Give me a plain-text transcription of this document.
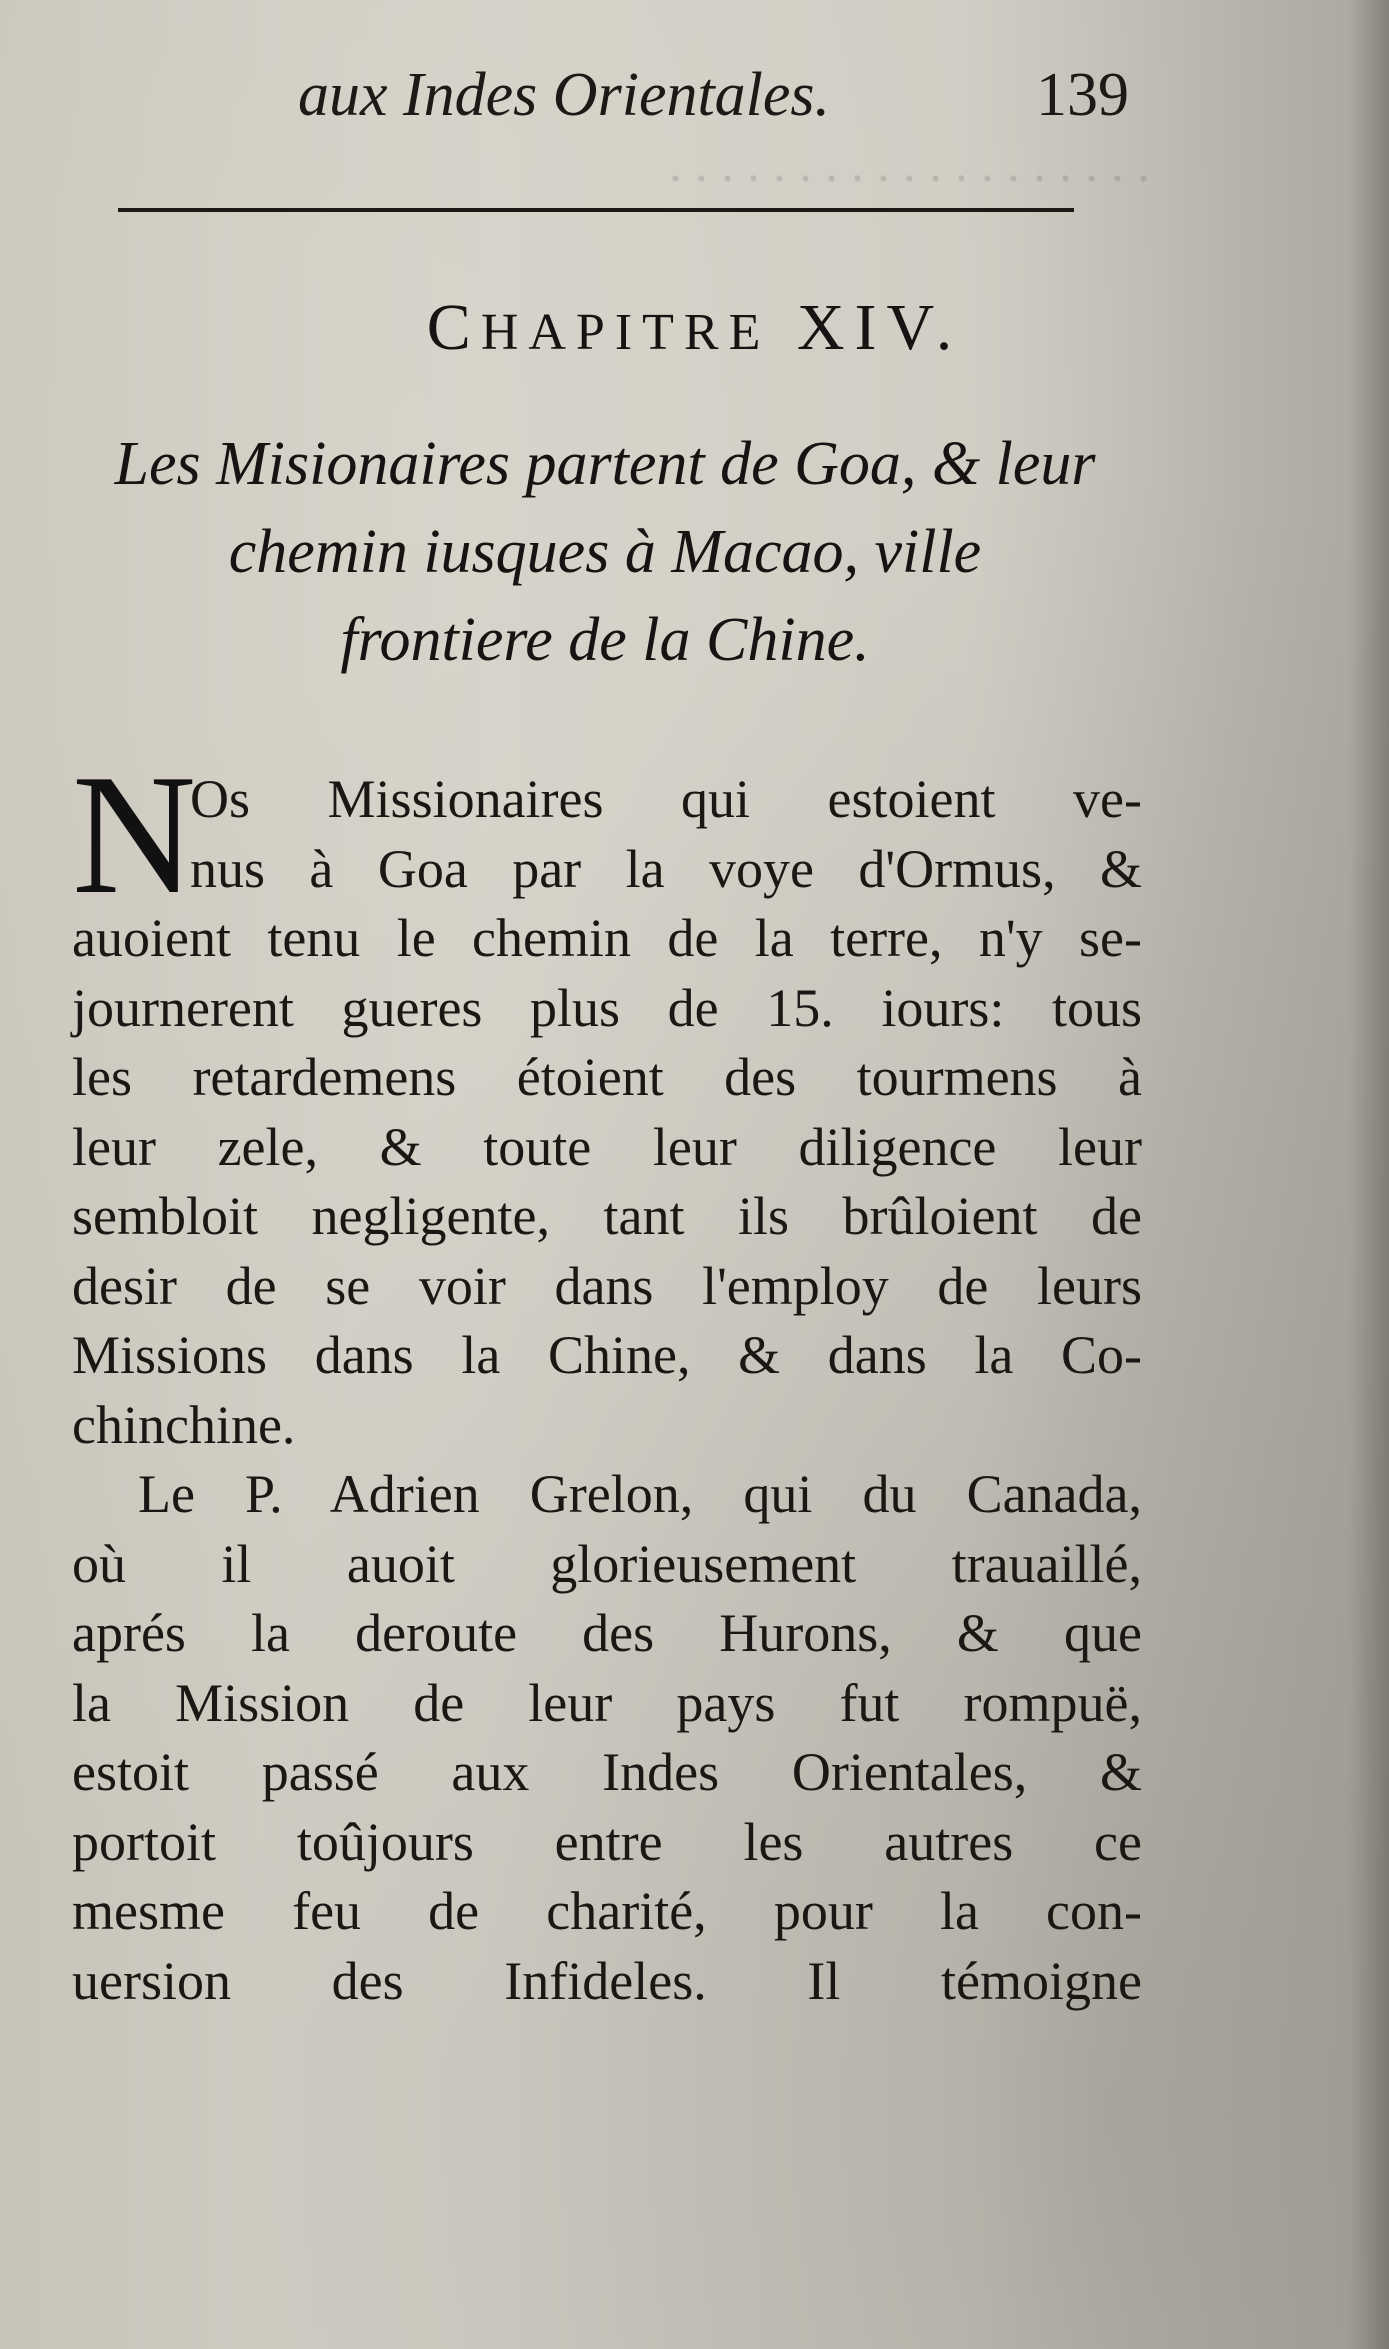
. . . . . . . . . . . . . . . . . . .
aux Indes Orientales.	139
CHAPITRE XIV.
Les Misionaires partent de Goa, & leur
chemin iusques à Macao, ville
frontiere de la Chine.
N
Os Missionaires qui estoient ve-
nus à Goa par la voye d'Ormus, &
auoient tenu le chemin de la terre, n'y se-
journerent gueres plus de 15. iours: tous
les retardemens étoient des tourmens à
leur zele, & toute leur diligence leur
sembloit negligente, tant ils brûloient de
desir de se voir dans l'employ de leurs
Missions dans la Chine, & dans la Co-
chinchine.
Le P. Adrien Grelon, qui du Canada,
où il auoit glorieusement trauaillé,
aprés la deroute des Hurons, & que
la Mission de leur pays fut rompuë,
estoit passé aux Indes Orientales, &
portoit toûjours entre les autres ce
mesme feu de charité, pour la con-
uersion des Infideles. Il témoigne
